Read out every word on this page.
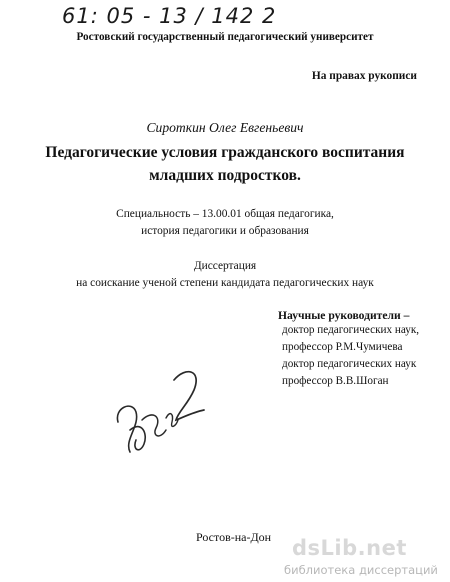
61: 05 - 13 / 142 2
Ростовский государственный педагогический университет
На правах рукописи
Сироткин Олег Евгеньевич
Педагогические условия гражданского воспитания
младших подростков.
Специальность – 13.00.01 общая педагогика,
история педагогики и образования
Диссертация
на соискание ученой степени кандидата педагогических наук
Научные руководители –
доктор педагогических наук,
профессор Р.М.Чумичева
доктор педагогических наук
профессор В.В.Шоган
Ростов-на-Дон dsLib.net
библиотека диссертаций
